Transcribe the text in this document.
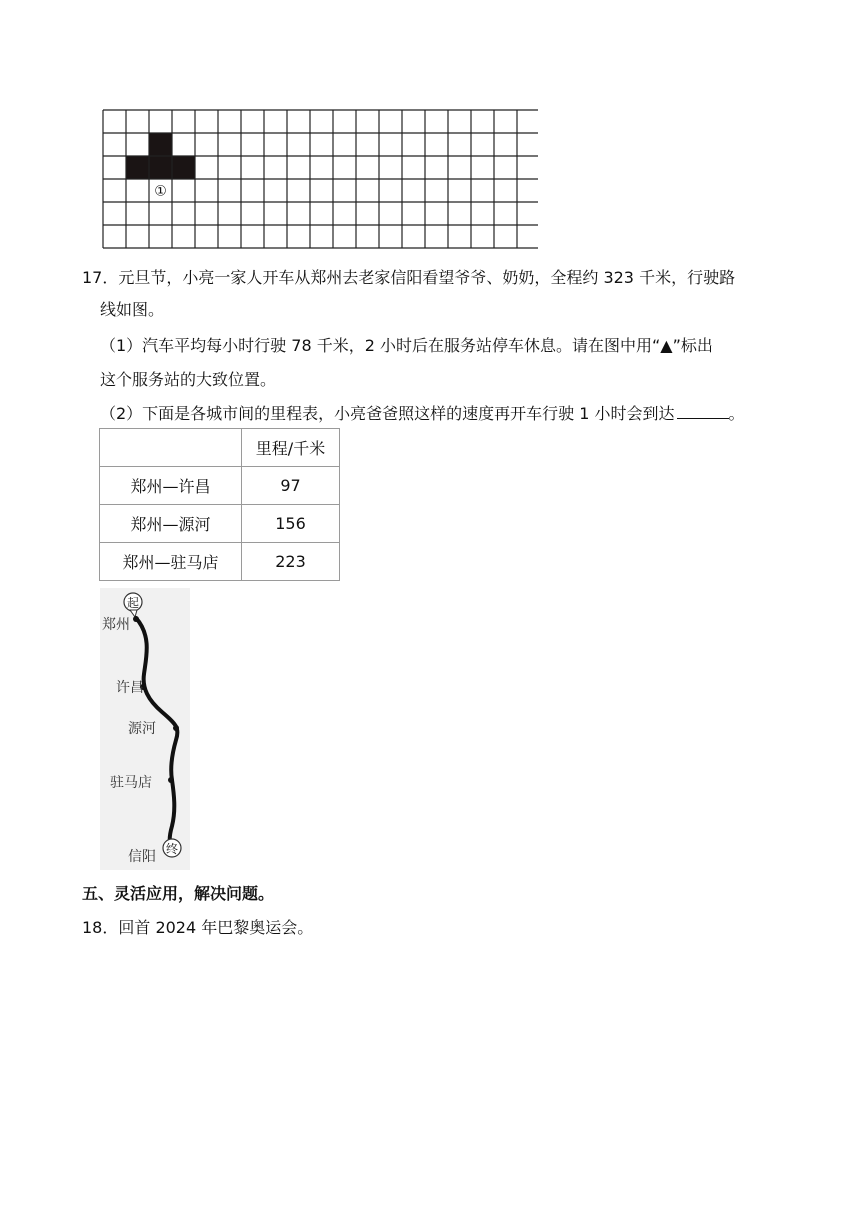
①
17．元旦节，小亮一家人开车从郑州去老家信阳看望爷爷、奶奶，全程约 323 千米，行驶路
线如图。
（1）汽车平均每小时行驶 78 千米，2 小时后在服务站停车休息。请在图中用“▲”标出
这个服务站的大致位置。
（2）下面是各城市间的里程表，小亮爸爸照这样的速度再开车行驶 1 小时会到达	。
	里程/千米
郑州—许昌	97
郑州—源河	156
郑州—驻马店	223
起
终
郑州
许昌
源河
驻马店
信阳
五、灵活应用，解决问题。
18．回首 2024 年巴黎奥运会。
